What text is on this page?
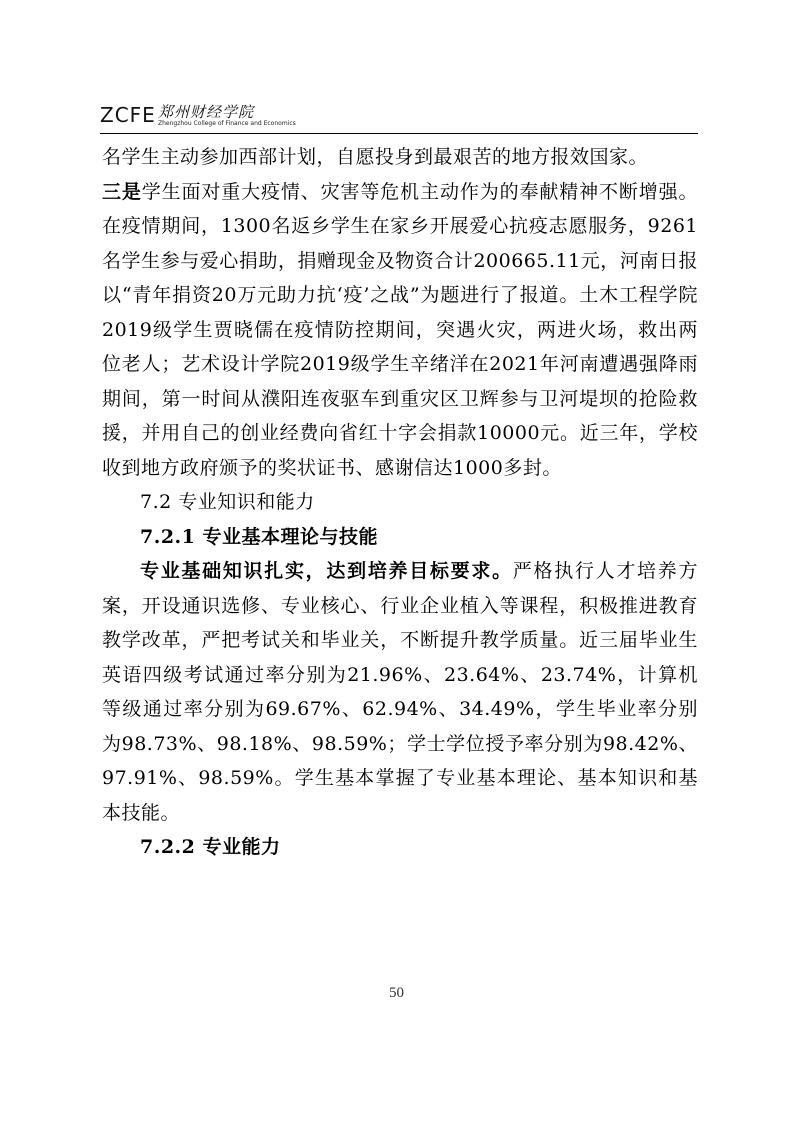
ZCFE 郑州财经学院
Zhengzhou College of Finance and Economics

名学生主动参加西部计划，自愿投身到最艰苦的地方报效国家。

三是学生面对重大疫情、灾害等危机主动作为的奉献精神不断增强。在疫情期间，1300名返乡学生在家乡开展爱心抗疫志愿服务，9261名学生参与爱心捐助，捐赠现金及物资合计200665.11元，河南日报以“青年捐资20万元助力抗‘疫’之战”为题进行了报道。土木工程学院2019级学生贾晓儒在疫情防控期间，突遇火灾，两进火场，救出两位老人；艺术设计学院2019级学生辛绪洋在2021年河南遭遇强降雨期间，第一时间从濮阳连夜驱车到重灾区卫辉参与卫河堤坝的抢险救援，并用自己的创业经费向省红十字会捐款10000元。近三年，学校收到地方政府颁予的奖状证书、感谢信达1000多封。

7.2 专业知识和能力

7.2.1 专业基本理论与技能

专业基础知识扎实，达到培养目标要求。严格执行人才培养方案，开设通识选修、专业核心、行业企业植入等课程，积极推进教育教学改革，严把考试关和毕业关，不断提升教学质量。近三届毕业生英语四级考试通过率分别为21.96%、23.64%、23.74%，计算机等级通过率分别为69.67%、62.94%、34.49%，学生毕业率分别为98.73%、98.18%、98.59%；学士学位授予率分别为98.42%、97.91%、98.59%。学生基本掌握了专业基本理论、基本知识和基本技能。

7.2.2 专业能力

50
